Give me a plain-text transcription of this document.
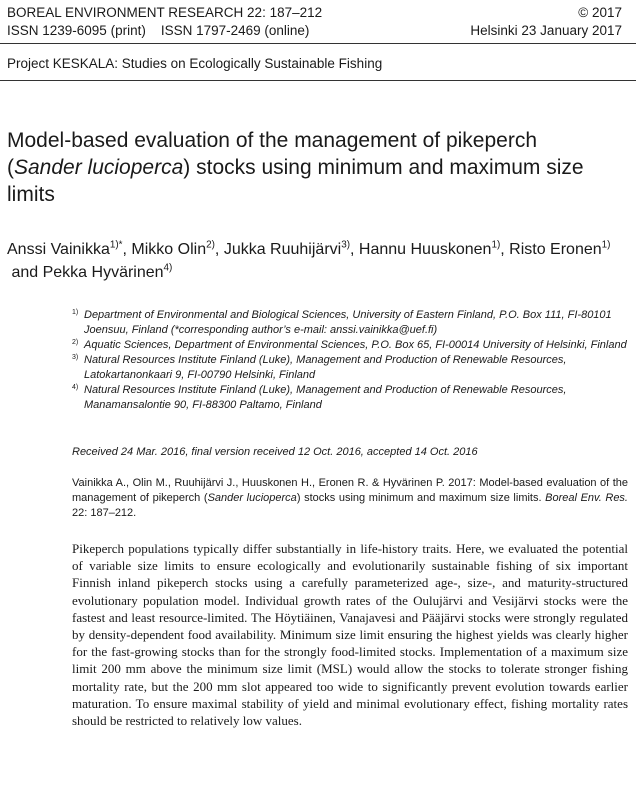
BOREAL ENVIRONMENT RESEARCH 22: 187–212	© 2017
ISSN 1239-6095 (print)    ISSN 1797-2469 (online)	Helsinki 23 January 2017
Project KESKALA: Studies on Ecologically Sustainable Fishing
Model-based evaluation of the management of pikeperch (Sander lucioperca) stocks using minimum and maximum size limits
Anssi Vainikka$^{1)*}$, Mikko Olin$^{2)}$, Jukka Ruuhijärvi$^{3)}$, Hannu Huuskonen$^{1)}$, Risto Eronen$^{1)}$ and Pekka Hyvärinen$^{4)}$

1) Department of Environmental and Biological Sciences, University of Eastern Finland, P.O. Box 111, FI-80101 Joensuu, Finland (*corresponding author’s e-mail: anssi.vainikka@uef.fi)

2) Aquatic Sciences, Department of Environmental Sciences, P.O. Box 65, FI-00014 University of Helsinki, Finland

3) Natural Resources Institute Finland (Luke), Management and Production of Renewable Resources, Latokartanonkaari 9, FI-00790 Helsinki, Finland

4) Natural Resources Institute Finland (Luke), Management and Production of Renewable Resources, Manamansalontie 90, FI-88300 Paltamo, Finland

Received 24 Mar. 2016, final version received 12 Oct. 2016, accepted 14 Oct. 2016
Vainikka A., Olin M., Ruuhijärvi J., Huuskonen H., Eronen R. & Hyvärinen P. 2017: Model-based evaluation of the management of pikeperch (Sander lucioperca) stocks using minimum and maximum size limits. Boreal Env. Res. 22: 187–212.

Pikeperch populations typically differ substantially in life-history traits. Here, we evaluated the potential of variable size limits to ensure ecologically and evolutionarily sustainable fishing of six important Finnish inland pikeperch stocks using a carefully parameterized age-, size-, and maturity-structured evolutionary population model. Individual growth rates of the Oulujärvi and Vesijärvi stocks were the fastest and least resource-limited. The Höytiäinen, Vanajavesi and Pääjärvi stocks were strongly regulated by density-dependent food availability. Minimum size limit ensuring the highest yields was clearly higher for the fast-growing stocks than for the strongly food-limited stocks. Implementation of a maximum size limit 200 mm above the minimum size limit (MSL) would allow the stocks to tolerate stronger fishing mortality rate, but the 200 mm slot appeared too wide to significantly prevent evolution towards earlier maturation. To ensure maximal stability of yield and minimal evolutionary effect, fishing mortality rates should be restricted to relatively low values.
